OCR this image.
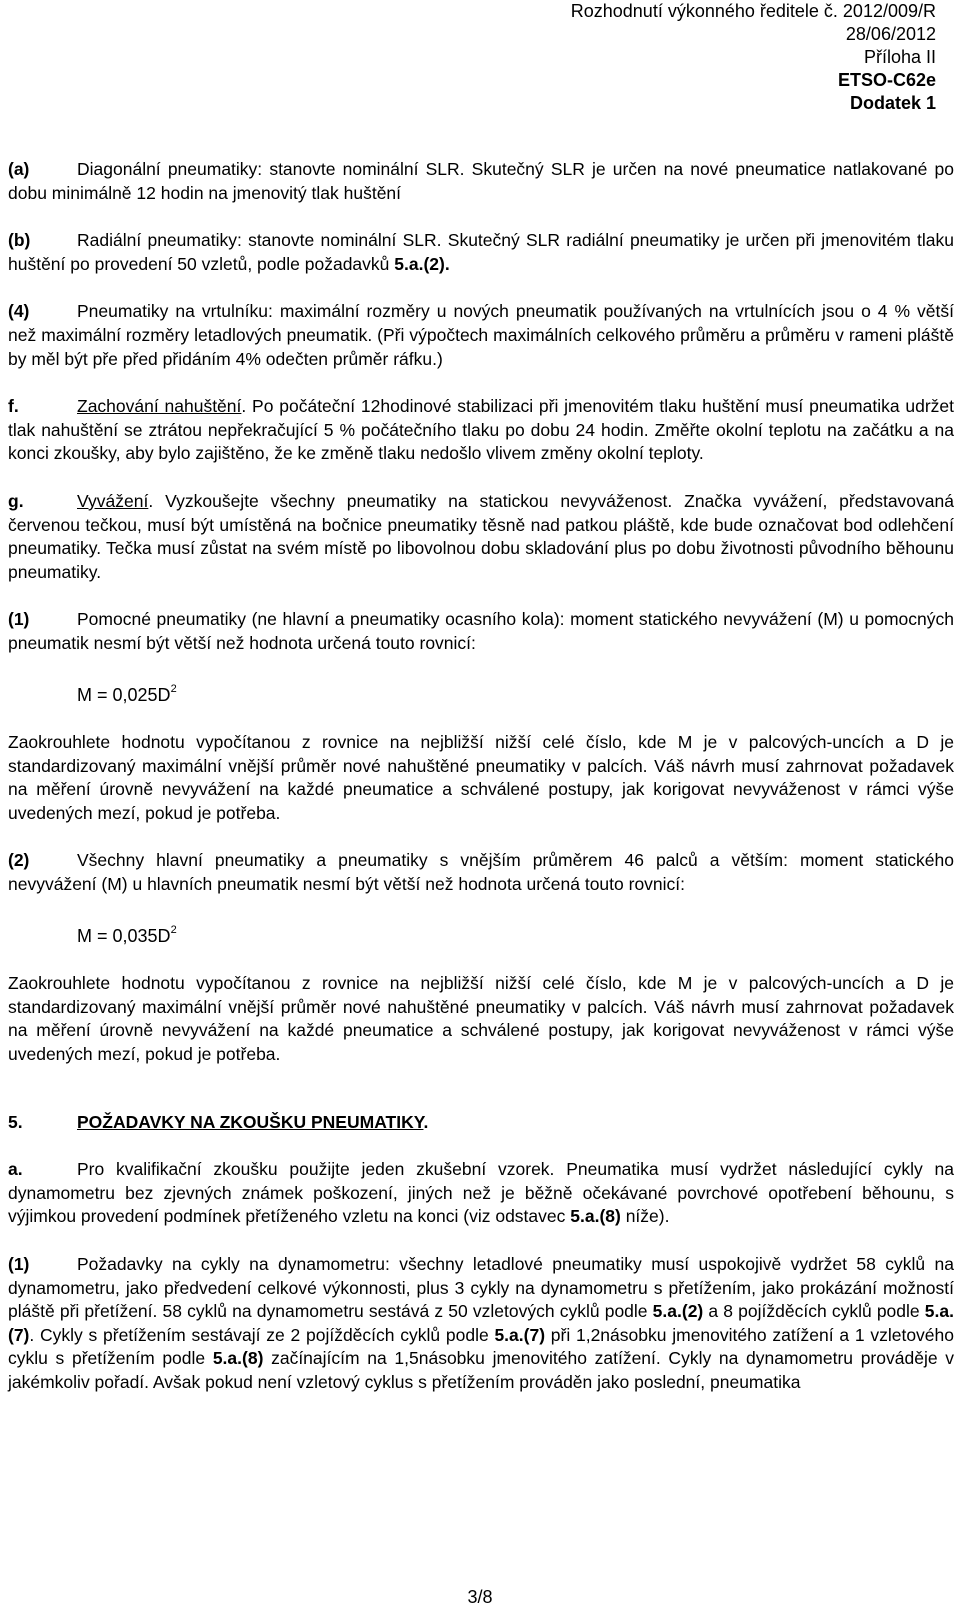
Rozhodnutí výkonného ředitele č. 2012/009/R
28/06/2012
Příloha II
ETSO-C62e
Dodatek 1

(a)	Diagonální pneumatiky: stanovte nominální SLR. Skutečný SLR je určen na nové pneumatice natlakované po dobu minimálně 12 hodin na jmenovitý tlak huštění

(b)	Radiální pneumatiky: stanovte nominální SLR. Skutečný SLR radiální pneumatiky je určen při jmenovitém tlaku huštění po provedení 50 vzletů, podle požadavků 5.a.(2).

(4)	Pneumatiky na vrtulníku: maximální rozměry u nových pneumatik používaných na vrtulnících jsou o 4 % větší než maximální rozměry letadlových pneumatik. (Při výpočtech maximálních celkového průměru a průměru v rameni pláště by měl být pře před přidáním 4% odečten průměr ráfku.)

f.	Zachování nahuštění. Po počáteční 12hodinové stabilizaci při jmenovitém tlaku huštění musí pneumatika udržet tlak nahuštění se ztrátou nepřekračující 5 % počátečního tlaku po dobu 24 hodin. Změřte okolní teplotu na začátku a na konci zkoušky, aby bylo zajištěno, že ke změně tlaku nedošlo vlivem změny okolní teploty.

g.	Vyvážení. Vyzkoušejte všechny pneumatiky na statickou nevyváženost. Značka vyvážení, představovaná červenou tečkou, musí být umístěná na bočnice pneumatiky těsně nad patkou pláště, kde bude označovat bod odlehčení pneumatiky. Tečka musí zůstat na svém místě po libovolnou dobu skladování plus po dobu životnosti původního běhounu pneumatiky.

(1)	Pomocné pneumatiky (ne hlavní a pneumatiky ocasního kola): moment statického nevyvážení (M) u pomocných pneumatik nesmí být větší než hodnota určená touto rovnicí:

$M = 0,025D^2$

Zaokrouhlete hodnotu vypočítanou z rovnice na nejbližší nižší celé číslo, kde M je v palcových-uncích a D je standardizovaný maximální vnější průměr nové nahuštěné pneumatiky v palcích. Váš návrh musí zahrnovat požadavek na měření úrovně nevyvážení na každé pneumatice a schválené postupy, jak korigovat nevyváženost v rámci výše uvedených mezí, pokud je potřeba.

(2)	Všechny hlavní pneumatiky a pneumatiky s vnějším průměrem 46 palců a větším: moment statického nevyvážení (M) u hlavních pneumatik nesmí být větší než hodnota určená touto rovnicí:

$M = 0,035D^2$

Zaokrouhlete hodnotu vypočítanou z rovnice na nejbližší nižší celé číslo, kde M je v palcových-uncích a D je standardizovaný maximální vnější průměr nové nahuštěné pneumatiky v palcích. Váš návrh musí zahrnovat požadavek na měření úrovně nevyvážení na každé pneumatice a schválené postupy, jak korigovat nevyváženost v rámci výše uvedených mezí, pokud je potřeba.

5.	POŽADAVKY NA ZKOUŠKU PNEUMATIKY.

a.	Pro kvalifikační zkoušku použijte jeden zkušební vzorek. Pneumatika musí vydržet následující cykly na dynamometru bez zjevných známek poškození, jiných než je běžně očekávané povrchové opotřebení běhounu, s výjimkou provedení podmínek přetíženého vzletu na konci (viz odstavec 5.a.(8) níže).

(1)	Požadavky na cykly na dynamometru: všechny letadlové pneumatiky musí uspokojivě vydržet 58 cyklů na dynamometru, jako předvedení celkové výkonnosti, plus 3 cykly na dynamometru s přetížením, jako prokázání možností pláště při přetížení. 58 cyklů na dynamometru sestává z 50 vzletových cyklů podle 5.a.(2) a 8 pojížděcích cyklů podle 5.a.(7). Cykly s přetížením sestávají ze 2 pojížděcích cyklů podle 5.a.(7) při 1,2násobku jmenovitého zatížení a 1 vzletového cyklu s přetížením podle 5.a.(8) začínajícím na 1,5násobku jmenovitého zatížení. Cykly na dynamometru prováděje v jakémkoliv pořadí. Avšak pokud není vzletový cyklus s přetížením prováděn jako poslední, pneumatika

3/8
